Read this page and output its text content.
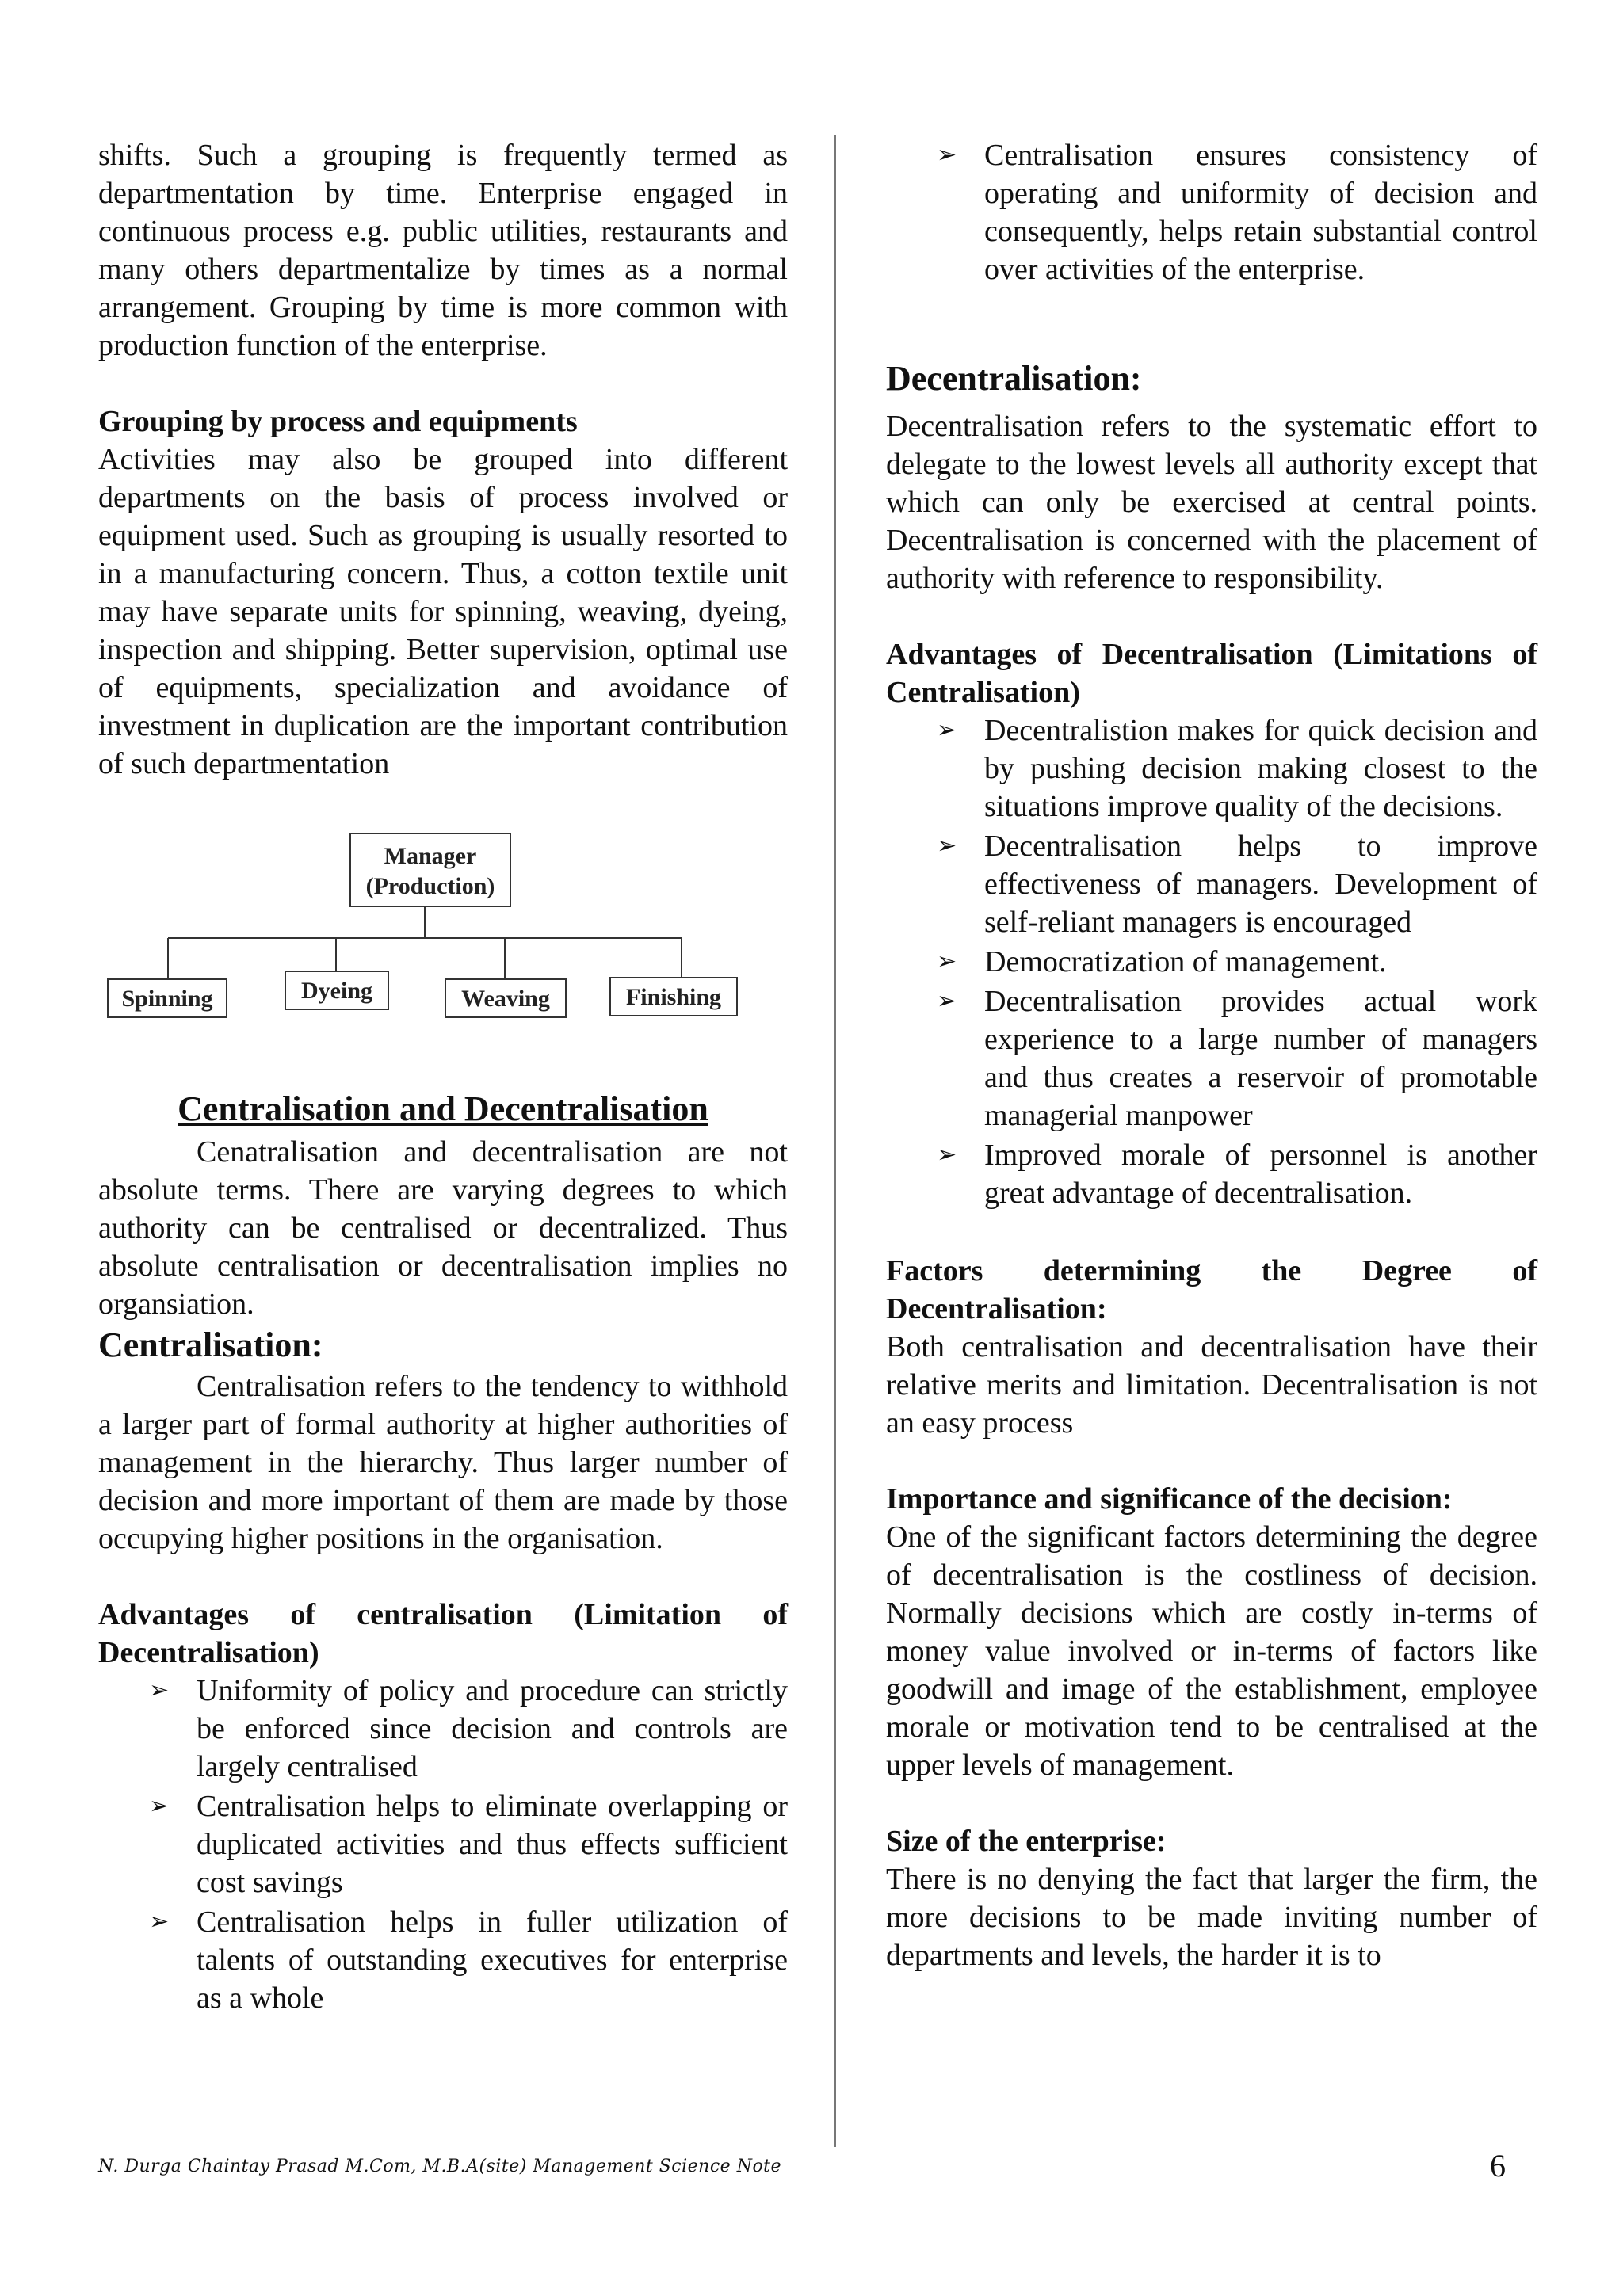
shifts. Such a grouping is frequently termed as departmentation by time. Enterprise engaged in continuous process e.g. public utilities, restaurants and many others departmentalize by times as a normal arrangement. Grouping by time is more common with production function of the enterprise.

Grouping by process and equipments

Activities may also be grouped into different departments on the basis of process involved or equipment used. Such as grouping is usually resorted to in a manufacturing concern. Thus, a cotton textile unit may have separate units for spinning, weaving, dyeing, inspection and shipping. Better supervision, optimal use of equipments, specialization and avoidance of investment in duplication are the important contribution of such departmentation

Manager
(Production)
Spinning	Dyeing	Weaving	Finishing
Centralisation and Decentralisation

Cenatralisation and decentralisation are not absolute terms. There are varying degrees to which authority can be centralised or decentralized. Thus absolute centralisation or decentralisation implies no organsiation.

Centralisation:

Centralisation refers to the tendency to withhold a larger part of formal authority at higher authorities of management in the hierarchy. Thus larger number of decision and more important of them are made by those occupying higher positions in the organisation.

Advantages of centralisation (Limitation of Decentralisation)

➢ Uniformity of policy and procedure can strictly be enforced since decision and controls are largely centralised
➢ Centralisation helps to eliminate overlapping or duplicated activities and thus effects sufficient cost savings
➢ Centralisation helps in fuller utilization of talents of outstanding executives for enterprise as a whole
➢ Centralisation ensures consistency of operating and uniformity of decision and consequently, helps retain substantial control over activities of the enterprise.
Decentralisation:

Decentralisation refers to the systematic effort to delegate to the lowest levels all authority except that which can only be exercised at central points. Decentralisation is concerned with the placement of authority with reference to responsibility.

Advantages of Decentralisation (Limitations of Centralisation)

➢ Decentralistion makes for quick decision and by pushing decision making closest to the situations improve quality of the decisions.
➢ Decentralisation helps to improve effectiveness of managers. Development of self-reliant managers is encouraged
➢ Democratization of management.
➢ Decentralisation provides actual work experience to a large number of managers and thus creates a reservoir of promotable managerial manpower
➢ Improved morale of personnel is another great advantage of decentralisation.

Factors determining the Degree of Decentralisation:

Both centralisation and decentralisation have their relative merits and limitation. Decentralisation is not an easy process

Importance and significance of the decision:

One of the significant factors determining the degree of decentralisation is the costliness of decision. Normally decisions which are costly in-terms of money value involved or in-terms of factors like goodwill and image of the establishment, employee morale or motivation tend to be centralised at the upper levels of management.

Size of the enterprise:

There is no denying the fact that larger the firm, the more decisions to be made inviting number of departments and levels, the harder it is to

N. Durga Chaintay Prasad M.Com, M.B.A(site) Management Science Note	6
